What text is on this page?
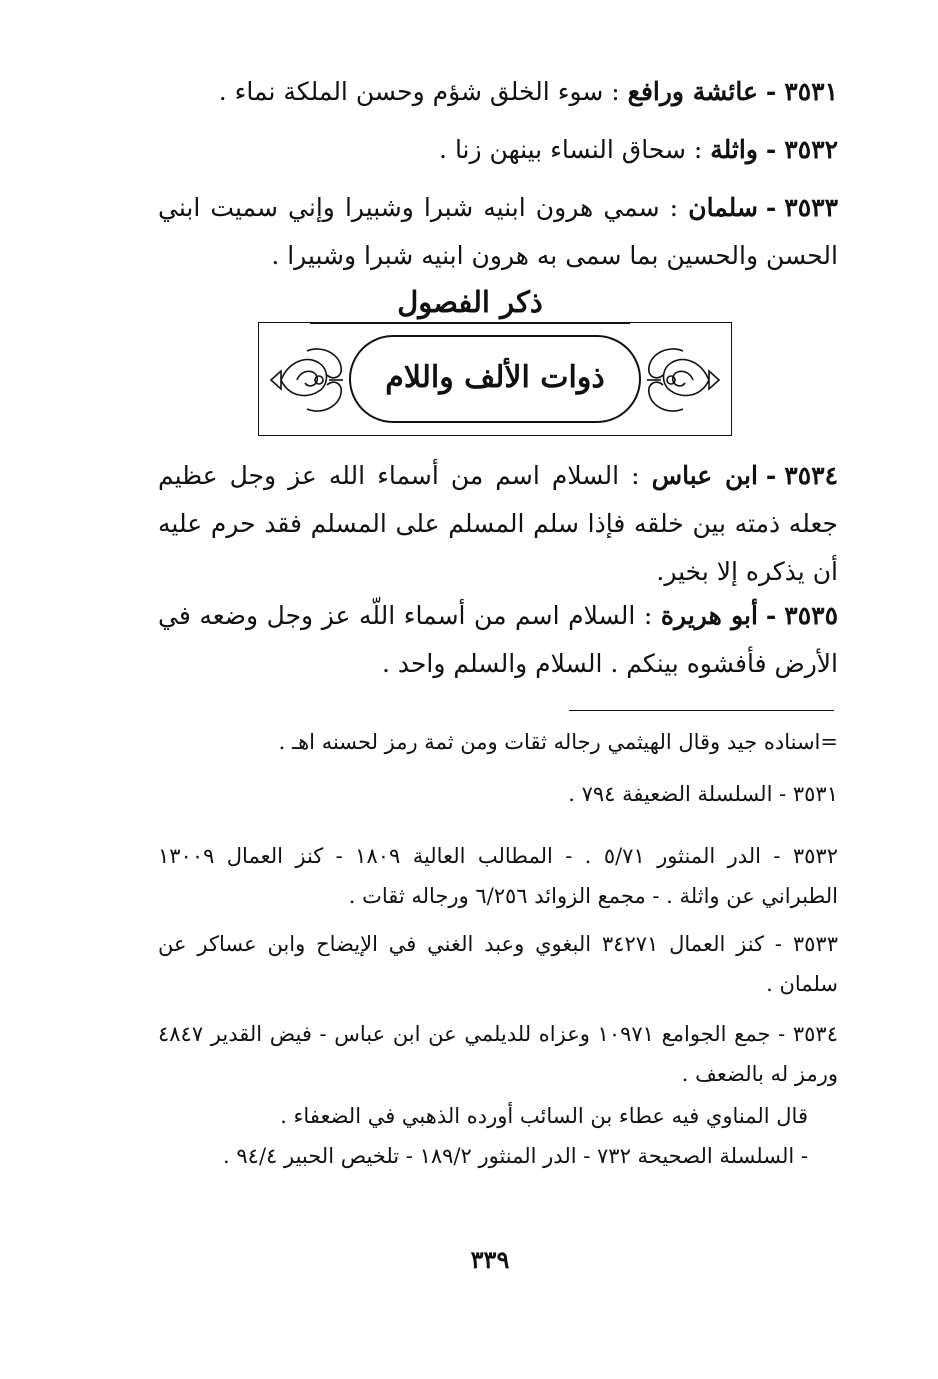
٣٥٣١-عائشة ورافع : سوء الخلق شؤم وحسن الملكة نماء .
٣٥٣٢-واثلة : سحاق النساء بينهن زنا .
٣٥٣٣-سلمان : سمي هرون ابنيه شبرا وشبيرا وإني سميت ابني الحسن والحسين بما سمى به هرون ابنيه شبرا وشبيرا .
ذكر الفصول
ذوات الألف واللام
٣٥٣٤-ابن عباس : السلام اسم من أسماء الله عز وجل عظيم جعله ذمته بين خلقه فإذا سلم المسلم على المسلم فقد حرم عليه أن يذكره إلا بخير.
٣٥٣٥-أبو هريرة : السلام اسم من أسماء اللّه عز وجل وضعه في الأرض فأفشوه بينكم . السلام والسلم واحد .
=اسناده جيد وقال الهيثمي رجاله ثقات ومن ثمة رمز لحسنه اهـ .
٣٥٣١ - السلسلة الضعيفة ٧٩٤ .
٣٥٣٢ - الدر المنثور ٥/٧١ . - المطالب العالية ١٨٠٩ - كنز العمال ١٣٠٠٩ الطبراني عن واثلة . - مجمع الزوائد ٦/٢٥٦ ورجاله ثقات .
٣٥٣٣ - كنز العمال ٣٤٢٧١ البغوي وعبد الغني في الإيضاح وابن عساكر عن سلمان .
٣٥٣٤ - جمع الجوامع ١٠٩٧١ وعزاه للديلمي عن ابن عباس - فيض القدير ٤٨٤٧ ورمز له بالضعف .
قال المناوي فيه عطاء بن السائب أورده الذهبي في الضعفاء .
- السلسلة الصحيحة ٧٣٢ - الدر المنثور ١٨٩/٢ - تلخيص الحبير ٩٤/٤ .
٣٣٩
